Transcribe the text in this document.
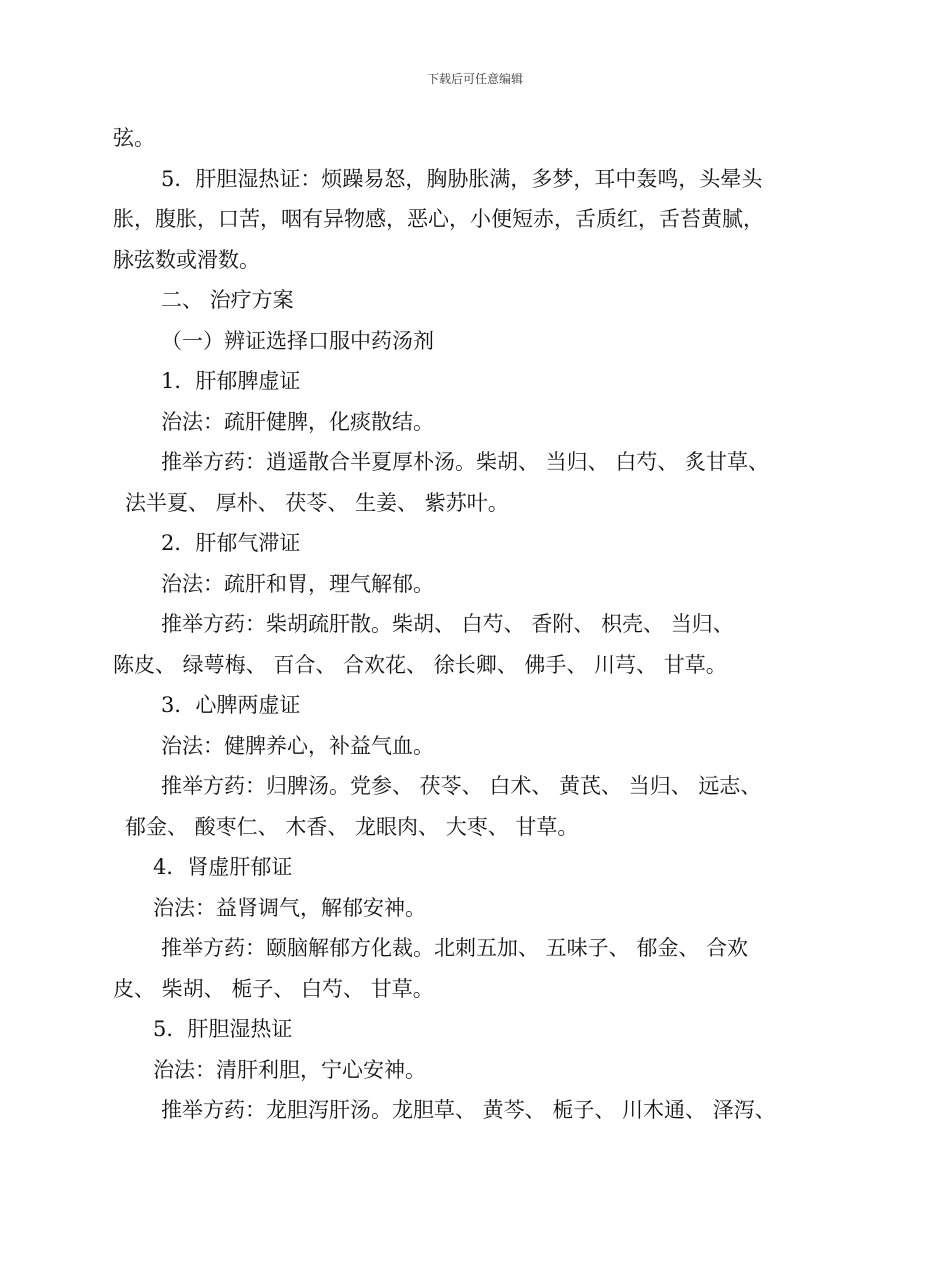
下载后可任意编辑
弦。
5．肝胆湿热证：烦躁易怒，胸胁胀满，多梦，耳中轰鸣，头晕头
胀，腹胀，口苦，咽有异物感，恶心，小便短赤，舌质红，舌苔黄腻，
脉弦数或滑数。
二、 治疗方案
（一）辨证选择口服中药汤剂
1．肝郁脾虚证
治法：疏肝健脾，化痰散结。
推举方药：逍遥散合半夏厚朴汤。柴胡、 当归、 白芍、 炙甘草、
法半夏、 厚朴、 茯苓、 生姜、 紫苏叶。
2．肝郁气滞证
治法：疏肝和胃，理气解郁。
推举方药：柴胡疏肝散。柴胡、 白芍、 香附、 枳壳、 当归、
陈皮、 绿萼梅、 百合、 合欢花、 徐长卿、 佛手、 川芎、 甘草。
3．心脾两虚证
治法：健脾养心，补益气血。
推举方药：归脾汤。党参、 茯苓、 白术、 黄芪、 当归、 远志、
郁金、 酸枣仁、 木香、 龙眼肉、 大枣、 甘草。
4．肾虚肝郁证
治法：益肾调气，解郁安神。
推举方药：颐脑解郁方化裁。北刺五加、 五味子、 郁金、 合欢
皮、 柴胡、 栀子、 白芍、 甘草。
5．肝胆湿热证
治法：清肝利胆，宁心安神。
推举方药：龙胆泻肝汤。龙胆草、 黄芩、 栀子、 川木通、 泽泻、
